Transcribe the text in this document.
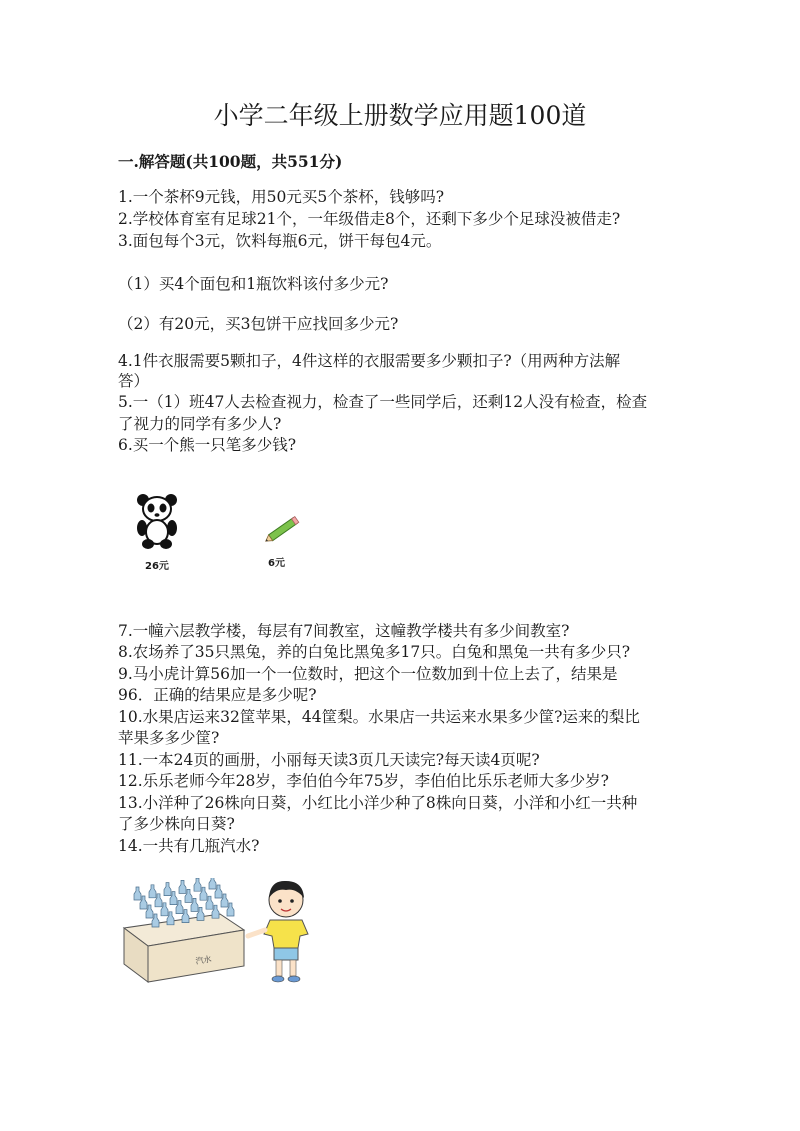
小学二年级上册数学应用题100道
一.解答题(共100题，共551分)
1.一个茶杯9元钱，用50元买5个茶杯，钱够吗?
2.学校体育室有足球21个，一年级借走8个，还剩下多少个足球没被借走?
3.面包每个3元，饮料每瓶6元，饼干每包4元。
（1）买4个面包和1瓶饮料该付多少元?
（2）有20元，买3包饼干应找回多少元?
4.1件衣服需要5颗扣子，4件这样的衣服需要多少颗扣子?（用两种方法解
答）
5.一（1）班47人去检查视力，检查了一些同学后，还剩12人没有检查，检查
了视力的同学有多少人?
6.买一个熊一只笔多少钱?
26元	6元
7.一幢六层教学楼，每层有7间教室，这幢教学楼共有多少间教室?
8.农场养了35只黑兔，养的白兔比黑兔多17只。白兔和黑兔一共有多少只?
9.马小虎计算56加一个一位数时，把这个一位数加到十位上去了，结果是
96．正确的结果应是多少呢?
10.水果店运来32筐苹果，44筐梨。水果店一共运来水果多少筐?运来的梨比
苹果多多少筐?
11.一本24页的画册，小丽每天读3页几天读完?每天读4页呢?
12.乐乐老师今年28岁，李伯伯今年75岁，李伯伯比乐乐老师大多少岁?
13.小洋种了26株向日葵，小红比小洋少种了8株向日葵，小洋和小红一共种
了多少株向日葵?
14.一共有几瓶汽水?
汽水
